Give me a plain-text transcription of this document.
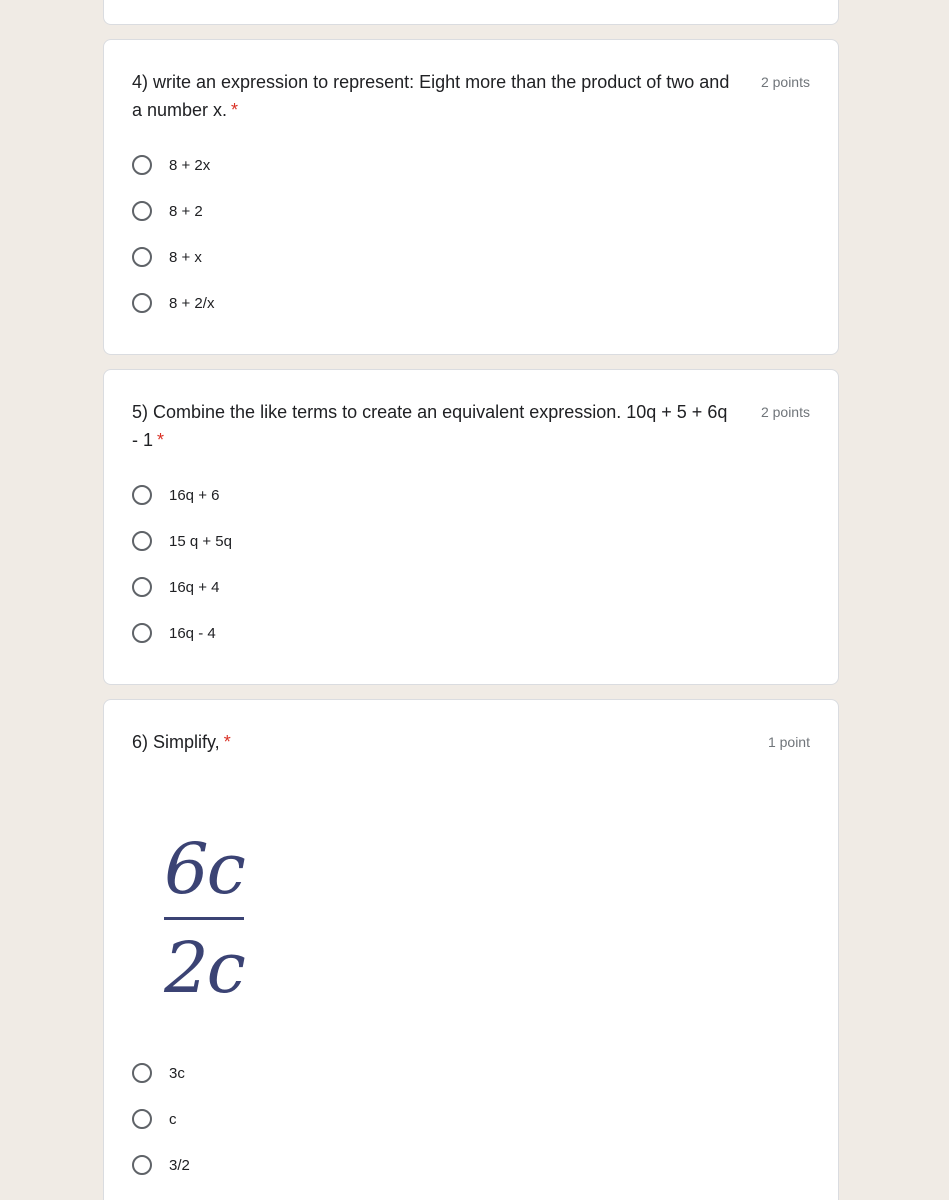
4) write an expression to represent: Eight more than the product of two and a number x. *
2 points
8 + 2x
8 + 2
8 + x
8 + 2/x
5) Combine the like terms to create an equivalent expression. 10q + 5 + 6q - 1 *
2 points
16q + 6
15 q + 5q
16q + 4
16q - 4
6) Simplify, *	1 point
6c
2c
3c
c
3/2
